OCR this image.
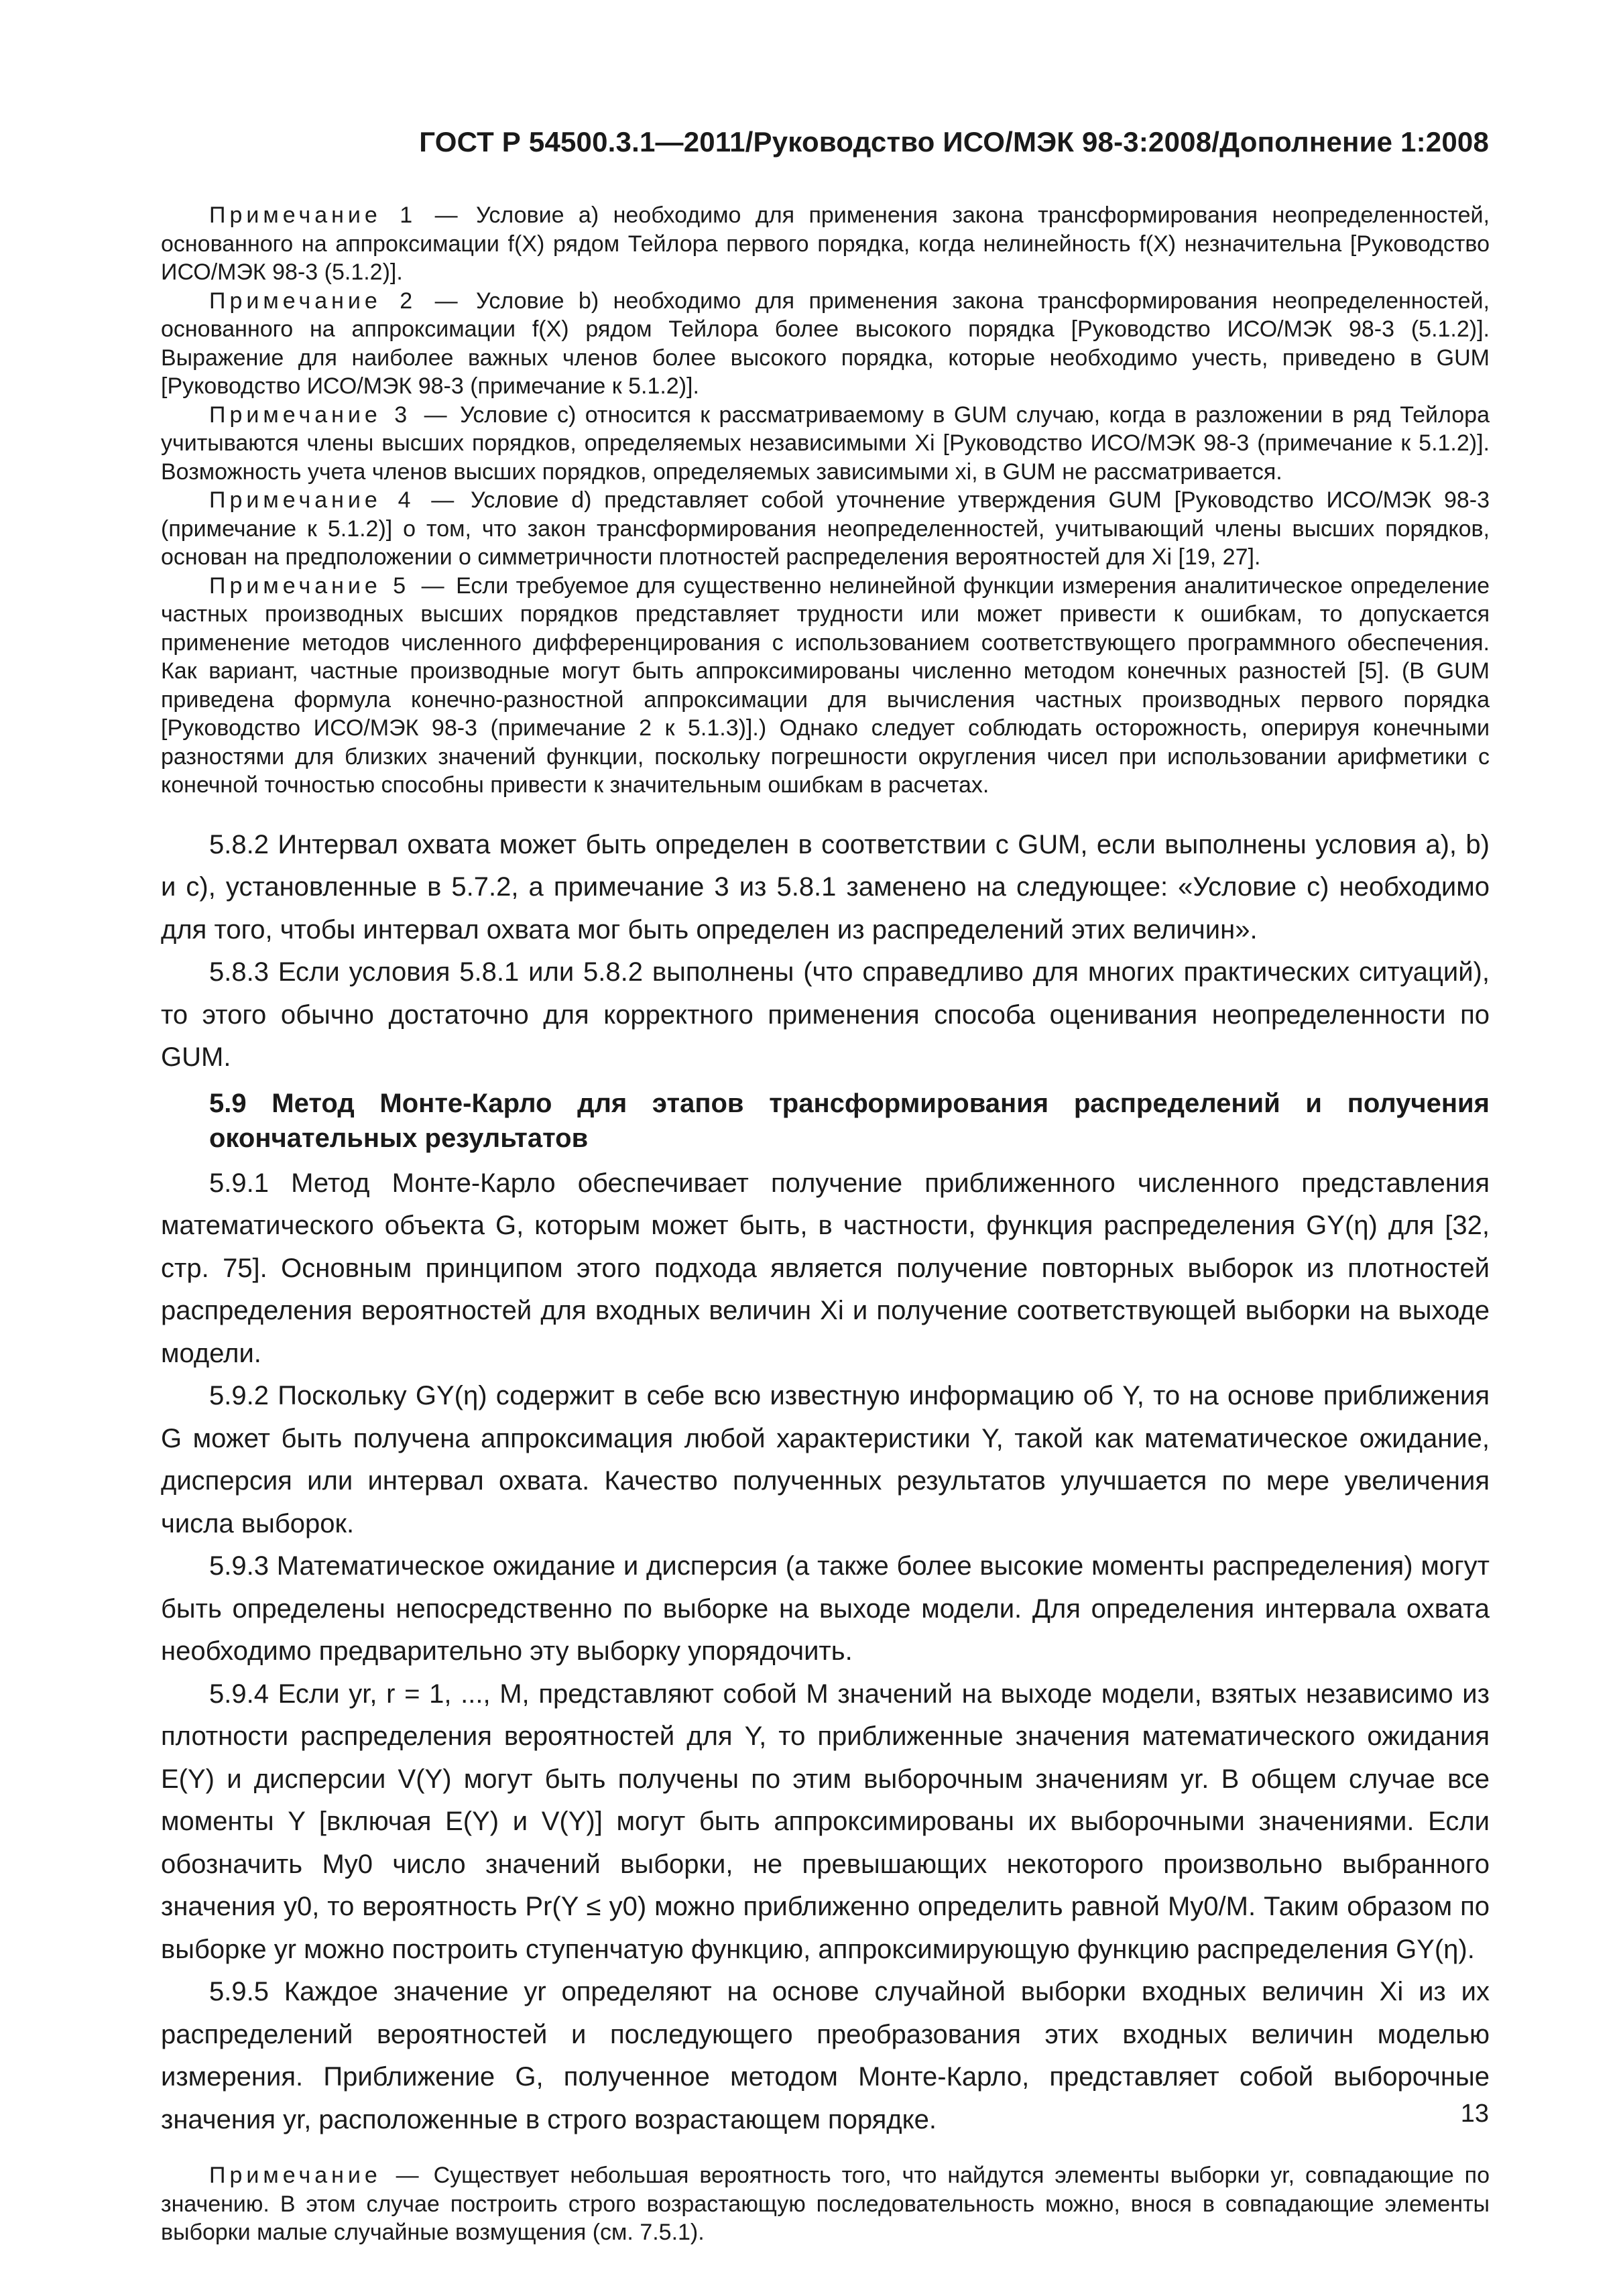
ГОСТ Р 54500.3.1—2011/Руководство ИСО/МЭК 98-3:2008/Дополнение 1:2008

Примечание 1 — Условие а) необходимо для применения закона трансформирования неопределенностей, основанного на аппроксимации f(X) рядом Тейлора первого порядка, когда нелинейность f(X) незначительна [Руководство ИСО/МЭК 98-3 (5.1.2)].

Примечание 2 — Условие b) необходимо для применения закона трансформирования неопределенностей, основанного на аппроксимации f(X) рядом Тейлора более высокого порядка [Руководство ИСО/МЭК 98-3 (5.1.2)]. Выражение для наиболее важных членов более высокого порядка, которые необходимо учесть, приведено в GUM [Руководство ИСО/МЭК 98-3 (примечание к 5.1.2)].

Примечание 3 — Условие с) относится к рассматриваемому в GUM случаю, когда в разложении в ряд Тейлора учитываются члены высших порядков, определяемых независимыми Xi [Руководство ИСО/МЭК 98-3 (примечание к 5.1.2)]. Возможность учета членов высших порядков, определяемых зависимыми xi, в GUM не рассматривается.

Примечание 4 — Условие d) представляет собой уточнение утверждения GUM [Руководство ИСО/МЭК 98-3 (примечание к 5.1.2)] о том, что закон трансформирования неопределенностей, учитывающий члены высших порядков, основан на предположении о симметричности плотностей распределения вероятностей для Xi [19, 27].

Примечание 5 — Если требуемое для существенно нелинейной функции измерения аналитическое определение частных производных высших порядков представляет трудности или может привести к ошибкам, то допускается применение методов численного дифференцирования с использованием соответствующего программного обеспечения. Как вариант, частные производные могут быть аппроксимированы численно методом конечных разностей [5]. (В GUM приведена формула конечно-разностной аппроксимации для вычисления частных производных первого порядка [Руководство ИСО/МЭК 98-3 (примечание 2 к 5.1.3)].) Однако следует соблюдать осторожность, оперируя конечными разностями для близких значений функции, поскольку погрешности округления чисел при использовании арифметики с конечной точностью способны привести к значительным ошибкам в расчетах.

5.8.2 Интервал охвата может быть определен в соответствии с GUM, если выполнены условия а), b) и с), установленные в 5.7.2, а примечание 3 из 5.8.1 заменено на следующее: «Условие с) необходимо для того, чтобы интервал охвата мог быть определен из распределений этих величин».

5.8.3 Если условия 5.8.1 или 5.8.2 выполнены (что справедливо для многих практических ситуаций), то этого обычно достаточно для корректного применения способа оценивания неопределенности по GUM.

5.9 Метод Монте-Карло для этапов трансформирования распределений и получения окончательных результатов

5.9.1 Метод Монте-Карло обеспечивает получение приближенного численного представления математического объекта G, которым может быть, в частности, функция распределения GY(η) для [32, стр. 75]. Основным принципом этого подхода является получение повторных выборок из плотностей распределения вероятностей для входных величин Xi и получение соответствующей выборки на выходе модели.

5.9.2 Поскольку GY(η) содержит в себе всю известную информацию об Y, то на основе приближения G может быть получена аппроксимация любой характеристики Y, такой как математическое ожидание, дисперсия или интервал охвата. Качество полученных результатов улучшается по мере увеличения числа выборок.

5.9.3 Математическое ожидание и дисперсия (а также более высокие моменты распределения) могут быть определены непосредственно по выборке на выходе модели. Для определения интервала охвата необходимо предварительно эту выборку упорядочить.

5.9.4 Если yr, r = 1, ..., M, представляют собой M значений на выходе модели, взятых независимо из плотности распределения вероятностей для Y, то приближенные значения математического ожидания E(Y) и дисперсии V(Y) могут быть получены по этим выборочным значениям yr. В общем случае все моменты Y [включая E(Y) и V(Y)] могут быть аппроксимированы их выборочными значениями. Если обозначить My0 число значений выборки, не превышающих некоторого произвольно выбранного значения y0, то вероятность Pr(Y ≤ y0) можно приближенно определить равной My0/M. Таким образом по выборке yr можно построить ступенчатую функцию, аппроксимирующую функцию распределения GY(η).

5.9.5 Каждое значение yr определяют на основе случайной выборки входных величин Xi из их распределений вероятностей и последующего преобразования этих входных величин моделью измерения. Приближение G, полученное методом Монте-Карло, представляет собой выборочные значения yr, расположенные в строго возрастающем порядке.

Примечание — Существует небольшая вероятность того, что найдутся элементы выборки yr, совпадающие по значению. В этом случае построить строго возрастающую последовательность можно, внося в совпадающие элементы выборки малые случайные возмущения (см. 7.5.1).

13
